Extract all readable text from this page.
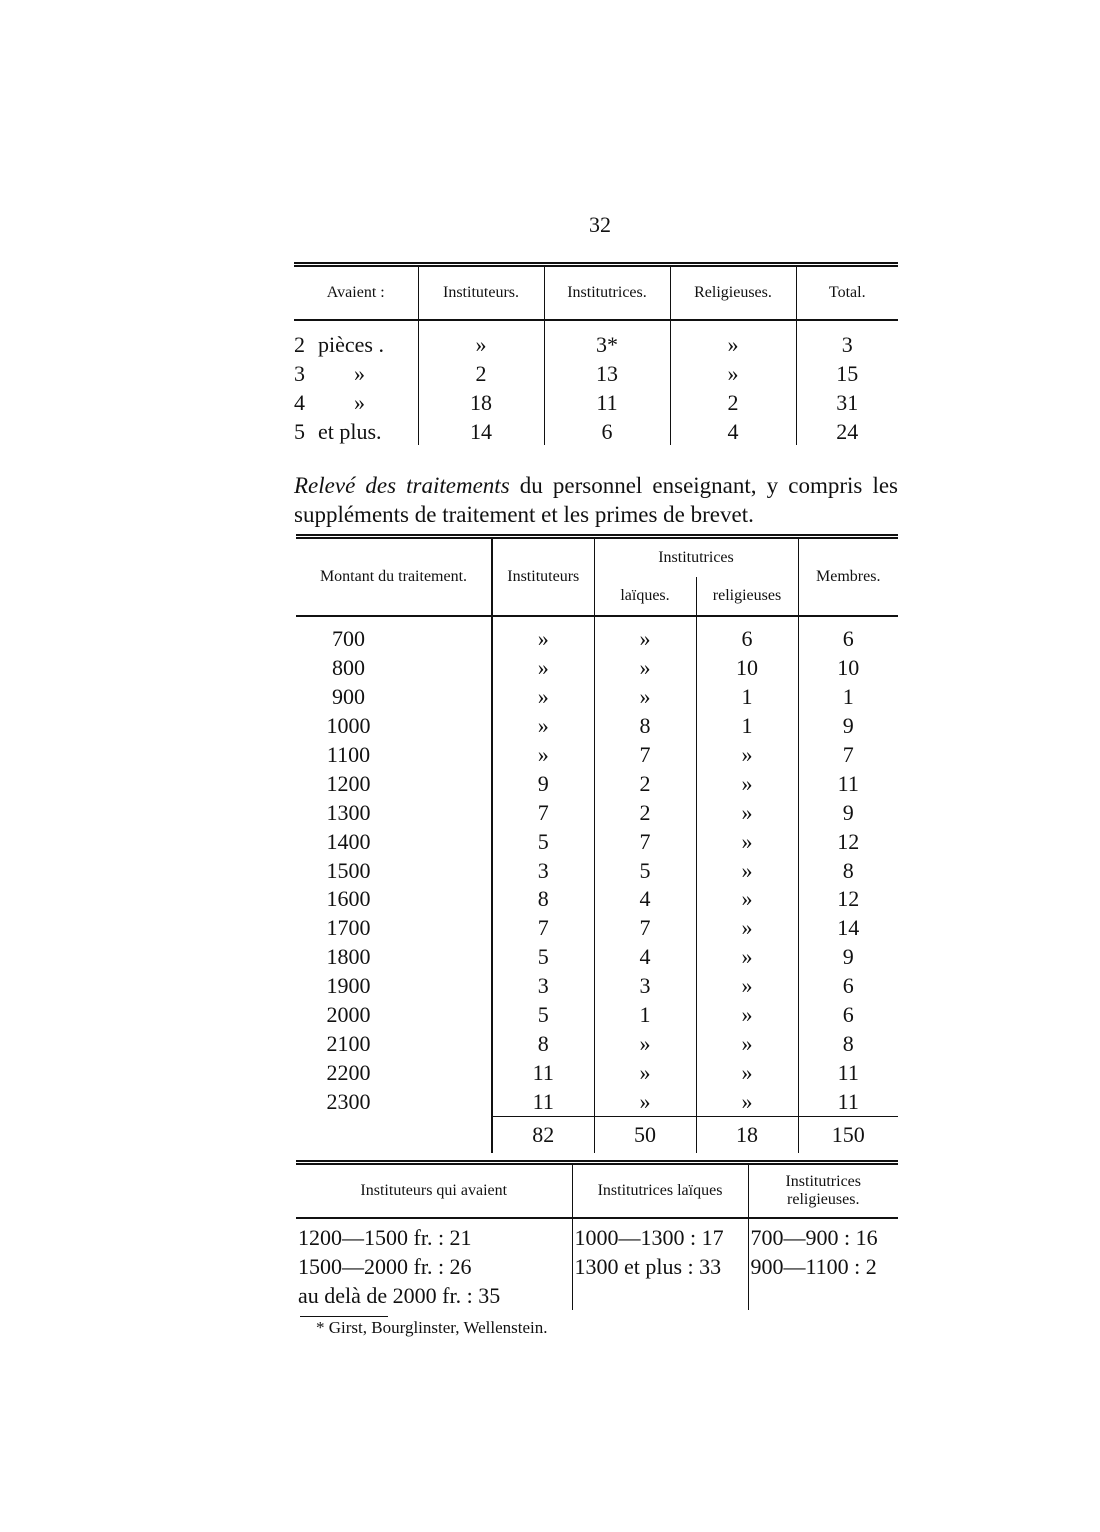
32
Avaient :	Instituteurs.	Institutrices.	Religieuses.	Total.
2 pièces .	»	3*	»	3
3 »	2	13	»	15
4 »	18	11	2	31
5 et plus.	14	6	4	24

Relevé des traitements du personnel enseignant, y compris les suppléments de traitement et les primes de brevet.

Montant du traitement.	Instituteurs	Institutrices		Membres.
		laïques.	religieuses	
700	»	»	6	6
800	»	»	10	10
900	»	»	1	1
1000	»	8	1	9
1100	»	7	»	7
1200	9	2	»	11
1300	7	2	»	9
1400	5	7	»	12
1500	3	5	»	8
1600	8	4	»	12
1700	7	7	»	14
1800	5	4	»	9
1900	3	3	»	6
2000	5	1	»	6
2100	8	»	»	8
2200	11	»	»	11
2300	11	»	»	11
	82	50	18	150
Instituteurs qui avaient	Institutrices laïques	Institutrices religieuses.
1200—1500 fr. : 21	1000—1300 : 17	700—900 : 16
1500—2000 fr. : 26	1300 et plus : 33	900—1100 : 2
au delà de 2000 fr. : 35		
* Girst, Bourglinster, Wellenstein.
